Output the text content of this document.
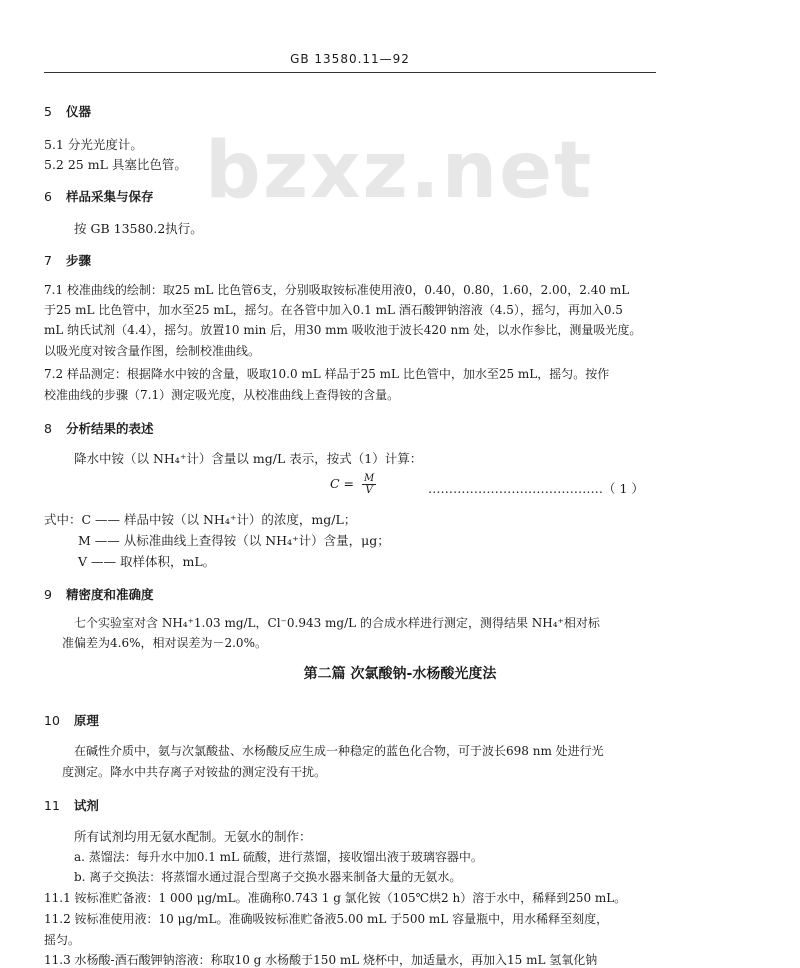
GB 13580.11—92
bzxz.net
5 仪器
5.1 分光光度计。
5.2 25 mL 具塞比色管。
6 样品采集与保存
按 GB 13580.2执行。
7 步骤
7.1 校准曲线的绘制：取25 mL 比色管6支，分别吸取铵标准使用液0，0.40，0.80，1.60，2.00，2.40 mL
于25 mL 比色管中，加水至25 mL，摇匀。在各管中加入0.1 mL 酒石酸钾钠溶液（4.5），摇匀，再加入0.5
mL 纳氏试剂（4.4），摇匀。放置10 min 后，用30 mm 吸收池于波长420 nm 处，以水作参比，测量吸光度。
以吸光度对铵含量作图，绘制校准曲线。
7.2 样品测定：根据降水中铵的含量，吸取10.0 mL 样品于25 mL 比色管中，加水至25 mL，摇匀。按作
校准曲线的步骤（7.1）测定吸光度，从校准曲线上查得铵的含量。
8 分析结果的表述
降水中铵（以 NH₄⁺计）含量以 mg/L 表示，按式（1）计算：
$C = \frac{M}{V}$	……………………………………（ 1 ）
式中：C —— 样品中铵（以 NH₄⁺计）的浓度，mg/L；
M —— 从标准曲线上查得铵（以 NH₄⁺计）含量，μg；
V —— 取样体积，mL。
9 精密度和准确度
七个实验室对含 NH₄⁺1.03 mg/L，Cl⁻0.943 mg/L 的合成水样进行测定，测得结果 NH₄⁺相对标
准偏差为4.6%，相对误差为－2.0%。
第二篇 次氯酸钠-水杨酸光度法
10 原理
在碱性介质中，氨与次氯酸盐、水杨酸反应生成一种稳定的蓝色化合物，可于波长698 nm 处进行光
度测定。降水中共存离子对铵盐的测定没有干扰。
11 试剂
所有试剂均用无氨水配制。无氨水的制作：
a. 蒸馏法：每升水中加0.1 mL 硫酸，进行蒸馏，接收馏出液于玻璃容器中。
b. 离子交换法：将蒸馏水通过混合型离子交换水器来制备大量的无氨水。
11.1 铵标准贮备液：1 000 μg/mL。准确称0.743 1 g 氯化铵（105℃烘2 h）溶于水中，稀释到250 mL。
11.2 铵标准使用液：10 μg/mL。准确吸铵标准贮备液5.00 mL 于500 mL 容量瓶中，用水稀释至刻度，
摇匀。
11.3 水杨酸-酒石酸钾钠溶液：称取10 g 水杨酸于150 mL 烧杯中，加适量水，再加入15 mL 氢氧化钠
